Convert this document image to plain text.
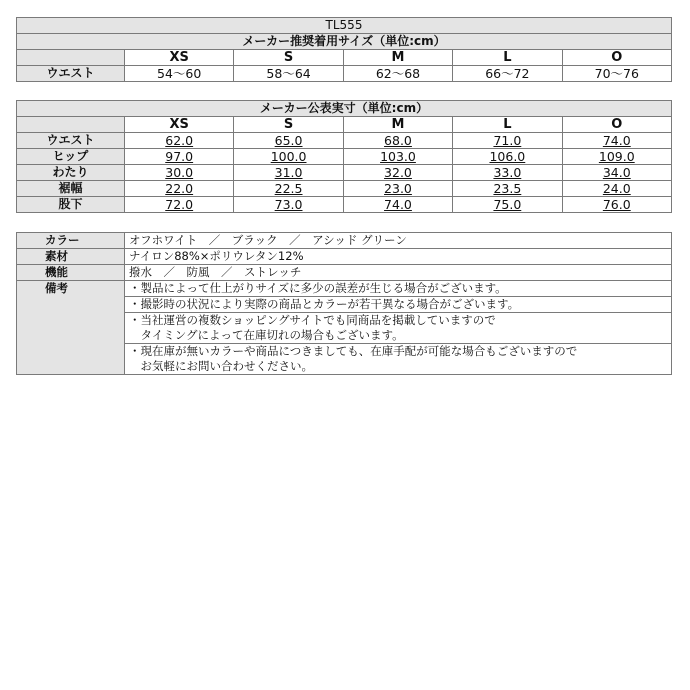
TL555					
メーカー推奨着用サイズ（単位:cm）					
	XS	S	M	L	O
ウエスト	54〜60	58〜64	62〜68	66〜72	70〜76
メーカー公表実寸（単位:cm）					
	XS	S	M	L	O
ウエスト	62.0	65.0	68.0	71.0	74.0
ヒップ	97.0	100.0	103.0	106.0	109.0
わたり	30.0	31.0	32.0	33.0	34.0
裾幅	22.0	22.5	23.0	23.5	24.0
股下	72.0	73.0	74.0	75.0	76.0
カラー	オフホワイト　／　ブラック　／　アシッド グリーン
素材	ナイロン88%×ポリウレタン12%
機能	撥水　／　防風　／　ストレッチ
備考	・製品によって仕上がりサイズに多少の誤差が生じる場合がございます。
	・撮影時の状況により実際の商品とカラーが若干異なる場合がございます。

	・当社運営の複数ショッピングサイトでも同商品を掲載していますので
　タイミングによって在庫切れの場合もございます。

	・現在庫が無いカラーや商品につきましても、在庫手配が可能な場合もございますので
　お気軽にお問い合わせください。
